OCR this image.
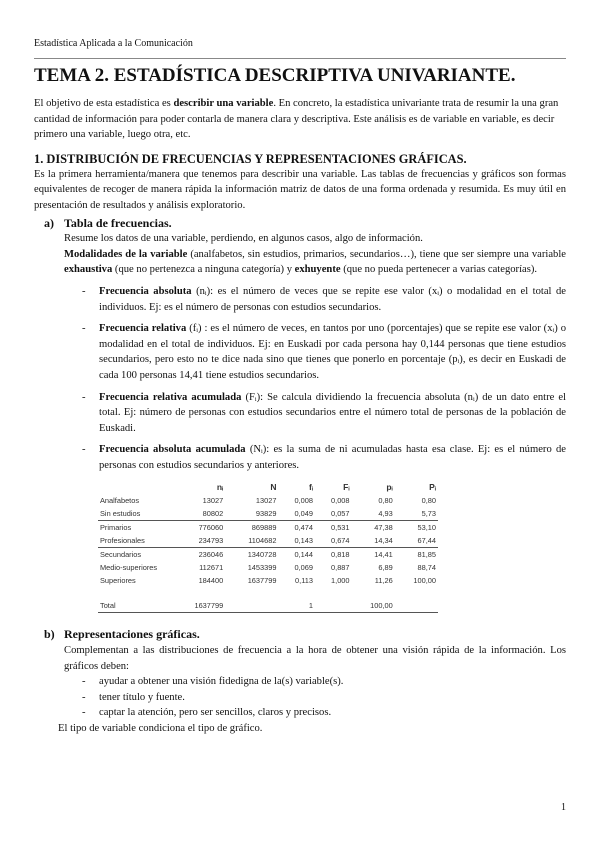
Estadística Aplicada a la Comunicación
TEMA 2. ESTADÍSTICA DESCRIPTIVA UNIVARIANTE.

El objetivo de esta estadística es describir una variable. En concreto, la estadística univariante trata de resumir la una gran cantidad de información para poder contarla de manera clara y descriptiva. Este análisis es de variable en variable, es decir primero una variable, luego otra, etc.

1. DISTRIBUCIÓN DE FRECUENCIAS Y REPRESENTACIONES GRÁFICAS.

Es la primera herramienta/manera que tenemos para describir una variable. Las tablas de frecuencias y gráficos son formas equivalentes de recoger de manera rápida la información matriz de datos de una forma ordenada y resumida. Es muy útil en presentación de resultados y análisis exploratorio.

a) Tabla de frecuencias.

Resume los datos de una variable, perdiendo, en algunos casos, algo de información.

Modalidades de la variable (analfabetos, sin estudios, primarios, secundarios…), tiene que ser siempre una variable exhaustiva (que no pertenezca a ninguna categoría) y exhuyente (que no pueda pertenecer a varias categorías).

-	Frecuencia absoluta (nᵢ): es el número de veces que se repite ese valor (xᵢ) o modalidad en el total de individuos. Ej: es el número de personas con estudios secundarios.
-	Frecuencia relativa (fᵢ) : es el número de veces, en tantos por uno (porcentajes) que se repite ese valor (xᵢ) o modalidad en el total de individuos. Ej: en Euskadi por cada persona hay 0,144 personas que tiene estudios secundarios, pero esto no te dice nada sino que tienes que ponerlo en porcentaje (pᵢ), es decir en Euskadi de cada 100 personas 14,41 tiene estudios secundarios.
-	Frecuencia relativa acumulada (Fᵢ): Se calcula dividiendo la frecuencia absoluta (nᵢ) de un dato entre el total. Ej: número de personas con estudios secundarios entre el número total de personas de la población de Euskadi.
-	Frecuencia absoluta acumulada (Nᵢ): es la suma de ni acumuladas hasta esa clase. Ej: es el número de personas con estudios secundarios y anteriores.
	nᵢ	N	fᵢ	Fᵢ	pᵢ	Pᵢ
Analfabetos	13027	13027	0,008	0,008	0,80	0,80
Sin estudios	80802	93829	0,049	0,057	4,93	5,73
Primarios	776060	869889	0,474	0,531	47,38	53,10
Profesionales	234793	1104682	0,143	0,674	14,34	67,44
Secundarios	236046	1340728	0,144	0,818	14,41	81,85
Medio-superiores	112671	1453399	0,069	0,887	6,89	88,74
Superiores	184400	1637799	0,113	1,000	11,26	100,00

Total	1637799		1		100,00	
b) Representaciones gráficas.

Complementan a las distribuciones de frecuencia a la hora de obtener una visión rápida de la información. Los gráficos deben:

-	ayudar a obtener una visión fidedigna de la(s) variable(s).
-	tener título y fuente.
-	captar la atención, pero ser sencillos, claros y precisos.

El tipo de variable condiciona el tipo de gráfico.

1
